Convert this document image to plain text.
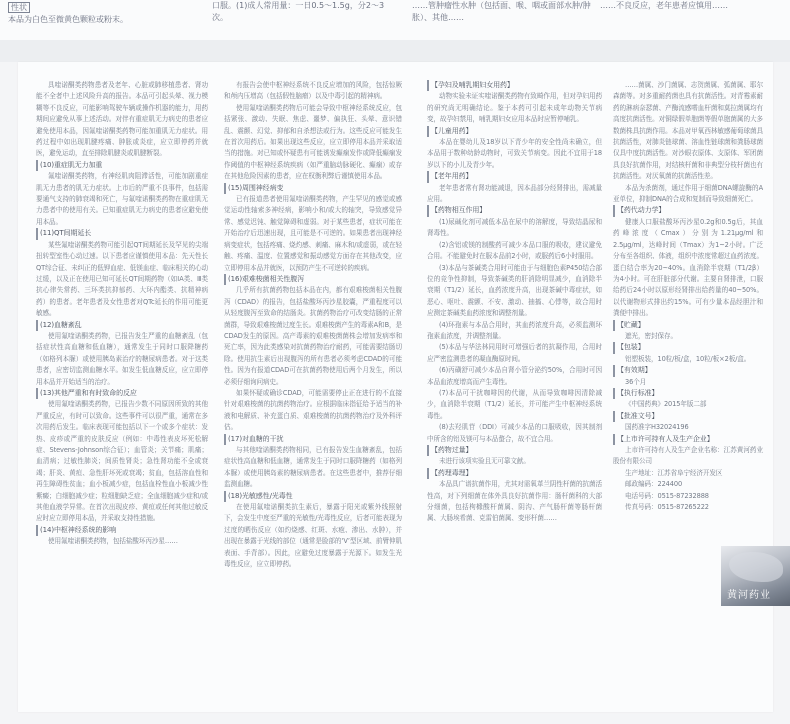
性状
本品为白色至微黄色颗粒或粉末。
口服。(1)成人常用量：一日0.5～1.5g，分2～3次。
……管肿瘤性水肿（包括面、喉、咽或面部水肿/肿胀）、其他……
……不良反应，老年患者应慎用……

具喹诺酮类药物患者及老年、心脏或肺移植患者、肾功能不全者中上述风险升高的报告。本品可引起头晕、视力模糊等不良反应，可能影响驾驶车辆或操作机器的能力，用药期间应避免从事上述活动。对伴有重症肌无力病史的患者应避免使用本品，因氟喹诺酮类药物可能加重肌无力症状。用药过程中如出现肌腱疼痛、肿胀或炎症，应立即停药并就医，避免运动，直至排除肌腱炎或肌腱断裂。

(10)重症肌无力加重

氟喹诺酮类药物，有神经肌肉阻滞活性，可能加剧重症肌无力患者的肌无力症状。上市后的严重不良事件，包括需要通气支持的肺衰竭和死亡，与氟喹诺酮类药物在重症肌无力患者中的使用有关。已知重症肌无力病史的患者应避免使用本品。

(11)QT间期延长

某些氟喹诺酮类药物可能引起QT间期延长及罕见的尖端扭转型室性心动过速。以下患者应谨慎使用本品：先天性长QT综合征、未纠正的低钾血症、低镁血症、临床相关的心动过缓，以及正在使用已知可延长QT间期药物（如ⅠA类、Ⅲ类抗心律失常药、三环类抗抑郁药、大环内酯类、抗精神病药）的患者。老年患者及女性患者对QTc延长的作用可能更敏感。

(12)血糖紊乱

使用氟喹诺酮类药物，已报告发生严重的血糖紊乱（包括症状性高血糖和低血糖），通常发生于同时口服降糖药（如格列本脲）或使用胰岛素治疗的糖尿病患者。对于这类患者，应密切监测血糖水平。如发生低血糖反应，应立即停用本品并开始适当的治疗。

(13)其他严重和有时致命的反应

使用氟喹诺酮类药物，已报告少数不同原因所致的其他严重反应，有时可以致命。这些事件可以很严重，通常在多次用药后发生。临床表现可能包括以下一个或多个症状：发热、皮疹或严重的皮肤反应（例如：中毒性表皮坏死松解症、Stevens-Johnson综合征）；血管炎；关节痛；肌痛；血清病；过敏性肺炎；间质性肾炎；急性肾功能不全或衰竭；肝炎、黄疸、急性肝坏死或衰竭；贫血，包括溶血性和再生障碍性贫血；血小板减少症，包括血栓性血小板减少性紫癜；白细胞减少症；粒细胞缺乏症；全血细胞减少症和/或其他血液学异常。在首次出现皮疹、黄疸或任何其他过敏反应时应立即停用本品，并采取支持性措施。

(14)中枢神经系统的影响

使用氟喹诺酮类药物，包括盐酸环丙沙星……

有报告会使中枢神经系统不良反应增加的风险，包括惊厥和颅内压增高（包括假性脑瘤）以及中毒引起的精神病。

使用氟喹诺酮类药物后可能会导致中枢神经系统反应，包括紧张、激动、失眠、焦虑、噩梦、偏执狂、头晕、意识错乱、震颤、幻觉、抑郁和自杀想法或行为。这些反应可能发生在首次用药后。如果出现这些反应，应立即停用本品并采取适当的措施。对已知或怀疑患有可能诱发癫痫发作或降低癫痫发作阈值的中枢神经系统疾病（如严重脑动脉硬化、癫痫）或存在其他危险因素的患者，应在权衡利弊后谨慎使用本品。

(15)周围神经病变

已有报道患者使用氟喹诺酮类药物，产生罕见的感觉或感觉运动性轴索多神经病，影响小和/或大的轴突，导致感觉异常、感觉迟钝、触觉障碍和虚弱。对于某些患者，症状可能在开始治疗后迅速出现，且可能是不可逆的。如果患者出现神经病变症状，包括疼痛、烧灼感、刺痛、麻木和/或虚弱，或在轻触、疼痛、温度、位置感觉和振动感觉方面存在其他改变，应立即停用本品并就医，以预防产生不可逆转的疾病。

(16)艰难梭菌相关性腹泻

几乎所有抗菌药物包括本品在内，都有艰难梭菌相关性腹泻（CDAD）的报告，包括盐酸环丙沙星胶囊，严重程度可以从轻度腹泻至致命的结肠炎。抗菌药物治疗可改变结肠的正常菌群，导致艰难梭菌过度生长。艰难梭菌产生的毒素A和B，是CDAD发生的原因。高产毒素的艰难梭菌菌株会增加发病率和死亡率，因为此类感染对抗菌药物治疗耐药，可能需要结肠切除。使用抗生素后出现腹泻的所有患者必须考虑CDAD的可能性。因为有报道CDAD可在抗菌药物使用后两个月发生，所以必须仔细询问病史。

如果怀疑或确诊CDAD，可能需要停止正在进行的不直接针对艰难梭菌的抗菌药物治疗。应根据临床指征给予适当的补液和电解质、补充蛋白质、艰难梭菌的抗菌药物治疗及外科评估。

(17)对血糖的干扰

与其他喹诺酮类药物相同，已有报告发生血糖紊乱，包括症状性高血糖和低血糖，通常发生于同时口服降糖药（如格列本脲）或使用胰岛素的糖尿病患者。在这些患者中，推荐仔细监测血糖。

(18)光敏感性/光毒性

在使用氟喹诺酮类抗生素后，暴露于阳光或紫外线照射下，会发生中度至严重的光敏性/光毒性反应，后者可能表现为过度的晒伤反应（如灼烧感、红斑、水疱、渗出、水肿），并出现在暴露于光线的部位（通常是脸部的‘V’型区域、前臂伸肌表面、手背部）。因此，应避免过度暴露于光源下。如发生光毒性反应，应立即停药。

【孕妇及哺乳期妇女用药】

动物实验未证实喹诺酮类药物有致畸作用，但对孕妇用药的研究尚无明确结论。鉴于本药可引起未成年动物关节病变，故孕妇禁用，哺乳期妇女应用本品时应暂停哺乳。

【儿童用药】

本品在婴幼儿及18岁以下青少年的安全性尚未确立，但本品用于数种幼龄动物时，可致关节病变。因此不宜用于18岁以下的小儿及青少年。

【老年用药】

老年患者常有肾功能减退，因本品部分经肾排出，需减量应用。

【药物相互作用】

(1)尿碱化剂可减低本品在尿中的溶解度，导致结晶尿和肾毒性。

(2)含铝或镁的制酸药可减少本品口服的吸收，建议避免合用。不能避免时在服本品前2小时，或服药后6小时服用。

(3)本品与茶碱类合用时可能由于与细胞色素P450结合部位的竞争性抑制，导致茶碱类的肝消除明显减少，血消除半衰期（T1/2）延长，血药浓度升高，出现茶碱中毒症状，如恶心、呕吐、震颤、不安、激动、抽搐、心悸等，故合用时应测定茶碱类血药浓度和调整剂量。

(4)环孢素与本品合用时，其血药浓度升高，必须监测环孢素血浓度，并调整剂量。

(5)本品与华法林同用时可增强后者的抗凝作用，合用时应严密监测患者的凝血酶原时间。

(6)丙磺舒可减少本品自肾小管分泌约50%，合用时可因本品血浓度增高而产生毒性。

(7)本品可干扰咖啡因的代谢，从而导致咖啡因清除减少，血消除半衰期（T1/2）延长，并可能产生中枢神经系统毒性。

(8)去羟肌苷（DDI）可减少本品的口服吸收，因其制剂中所含的铝及镁可与本品螯合，故不宜合用。

【药物过量】

未进行该项实验且无可靠文献。

【药理毒理】

本品具广谱抗菌作用，尤其对需氧革兰阴性杆菌的抗菌活性高，对下列细菌在体外具良好抗菌作用：肠杆菌科的大部分细菌，包括枸橼酸杆菌属、阴沟、产气肠杆菌等肠杆菌属、大肠埃希菌、克雷伯菌属、变形杆菌……

……菌属、沙门菌属、志贺菌属、弧菌属、耶尔森菌等。对多重耐药菌也具有抗菌活性。对青霉素耐药的淋病奈瑟菌、产酶流感嗜血杆菌和莫拉菌属均有高度抗菌活性。对铜绿假单胞菌等假单胞菌属的大多数菌株具抗菌作用。本品对甲氧西林敏感葡萄球菌具抗菌活性，对肺炎链球菌、溶血性链球菌和粪肠球菌仅具中度抗菌活性。对沙眼衣原体、支原体、军团菌具良好抗菌作用，对结核杆菌和非典型分枝杆菌也有抗菌活性。对厌氧菌的抗菌活性差。

本品为杀菌剂，通过作用于细菌DNA螺旋酶的A亚单位，抑制DNA的合成和复制而导致细菌死亡。

【药代动力学】

健康人口服盐酸环丙沙星0.2g和0.5g后，其血药峰浓度（Cmax）分别为1.21μg/ml和2.5μg/ml，达峰时间（Tmax）为1~2小时。广泛分布至各组织、体液，组织中浓度常超过血药浓度。蛋白结合率为20~40%。血消除半衰期（T1/2β）为4小时。可在肝脏部分代谢。主要自肾排泄，口服给药后24小时以原形经肾排出给药量的40~50%。以代谢物形式排出约15%。可有少量本品经胆汁和粪便中排出。

【贮藏】

遮光，密封保存。

【包装】

铝塑板装，10粒/板/盒，10粒/板×2板/盒。

【有效期】

36个月

【执行标准】

《中国药典》2015年版二部

【批准文号】

国药准字H32024196

【上市许可持有人及生产企业】

上市许可持有人及生产企业名称：江苏黄河药业股份有限公司

生产地址：江苏省阜宁经济开发区

邮政编码：224400

电话号码：0515-87232888

传真号码：0515-87265222

黄河药业
